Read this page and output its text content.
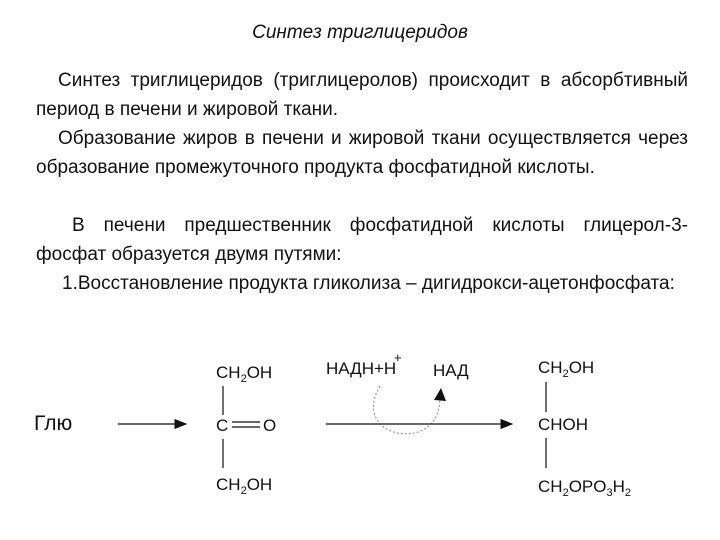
Синтез триглицеридов

Синтез триглицеридов (триглицеролов) происходит в абсорбтивный период в печени и жировой ткани.

Образование жиров в печени и жировой ткани осуществляется через образование промежуточного продукта фосфатидной кислоты.

В печени предшественник фосфатидной кислоты глицерол-3-фосфат образуется двумя путями:

1.Восстановление продукта гликолиза – дигидрокси-ацетонфосфата:

Глю
$CH_2OH$
C O
$CH_2OH$
НАДН+Н
+
НАД	$CH_2OH$
CHOH
$CH_2OPO_3H_2$
